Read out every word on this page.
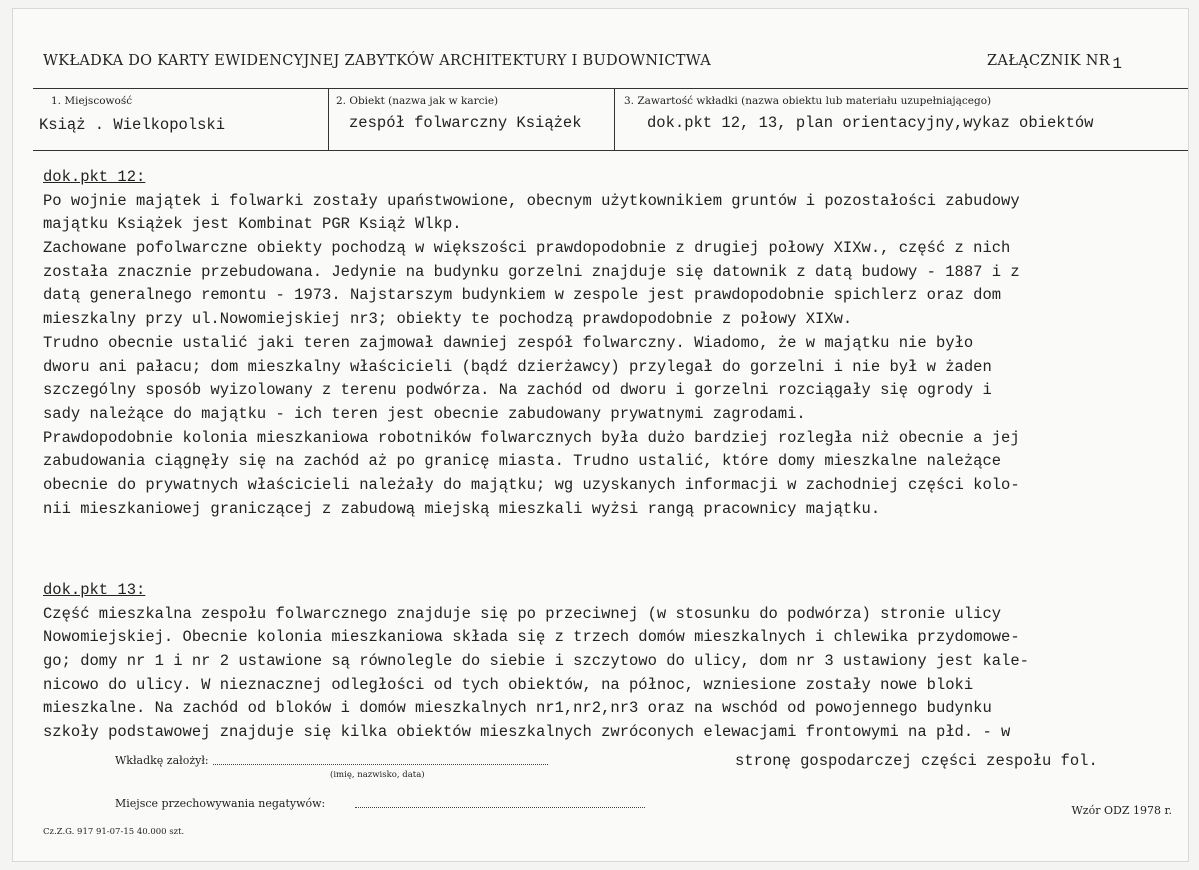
WKŁADKA DO KARTY EWIDENCYJNEJ ZABYTKÓW ARCHITEKTURY I BUDOWNICTWA	ZAŁĄCZNIK NR 1
1. Miejscowość
Książ . Wielkopolski
2. Obiekt (nazwa jak w karcie)
zespół folwarczny Książek
3. Zawartość wkładki (nazwa obiektu lub materiału uzupełniającego)
dok.pkt 12, 13, plan orientacyjny,wykaz obiektów
dok.pkt 12:
Po wojnie majątek i folwarki zostały upaństwowione, obecnym użytkownikiem gruntów i pozostałości zabudowy
majątku Książek jest Kombinat PGR Książ Wlkp.
Zachowane pofolwarczne obiekty pochodzą w większości prawdopodobnie z drugiej połowy XIXw., część z nich
została znacznie przebudowana. Jedynie na budynku gorzelni znajduje się datownik z datą budowy - 1887 i z
datą generalnego remontu - 1973. Najstarszym budynkiem w zespole jest prawdopodobnie spichlerz oraz dom
mieszkalny przy ul.Nowomiejskiej nr3; obiekty te pochodzą prawdopodobnie z połowy XIXw.
Trudno obecnie ustalić jaki teren zajmował dawniej zespół folwarczny. Wiadomo, że w majątku nie było
dworu ani pałacu; dom mieszkalny właścicieli (bądź dzierżawcy) przylegał do gorzelni i nie był w żaden
szczególny sposób wyizolowany z terenu podwórza. Na zachód od dworu i gorzelni rozciągały się ogrody i
sady należące do majątku - ich teren jest obecnie zabudowany prywatnymi zagrodami.
Prawdopodobnie kolonia mieszkaniowa robotników folwarcznych była dużo bardziej rozległa niż obecnie a jej
zabudowania ciągnęły się na zachód aż po granicę miasta. Trudno ustalić, które domy mieszkalne należące
obecnie do prywatnych właścicieli należały do majątku; wg uzyskanych informacji w zachodniej części kolo-
nii mieszkaniowej graniczącej z zabudową miejską mieszkali wyżsi rangą pracownicy majątku.
dok.pkt 13:
Część mieszkalna zespołu folwarcznego znajduje się po przeciwnej (w stosunku do podwórza) stronie ulicy
Nowomiejskiej. Obecnie kolonia mieszkaniowa składa się z trzech domów mieszkalnych i chlewika przydomowe-
go; domy nr 1 i nr 2 ustawione są równolegle do siebie i szczytowo do ulicy, dom nr 3 ustawiony jest kale-
nicowo do ulicy. W nieznacznej odległości od tych obiektów, na północ, wzniesione zostały nowe bloki
mieszkalne. Na zachód od bloków i domów mieszkalnych nr1,nr2,nr3 oraz na wschód od powojennego budynku
szkoły podstawowej znajduje się kilka obiektów mieszkalnych zwróconych elewacjami frontowymi na płd. - w
Wkładkę założył:
(imię, nazwisko, data)
stronę gospodarczej części zespołu fol.
Miejsce przechowywania negatywów:
Cz.Z.G. 917 91-07-15 40.000 szt.
Wzór ODZ 1978 r.
